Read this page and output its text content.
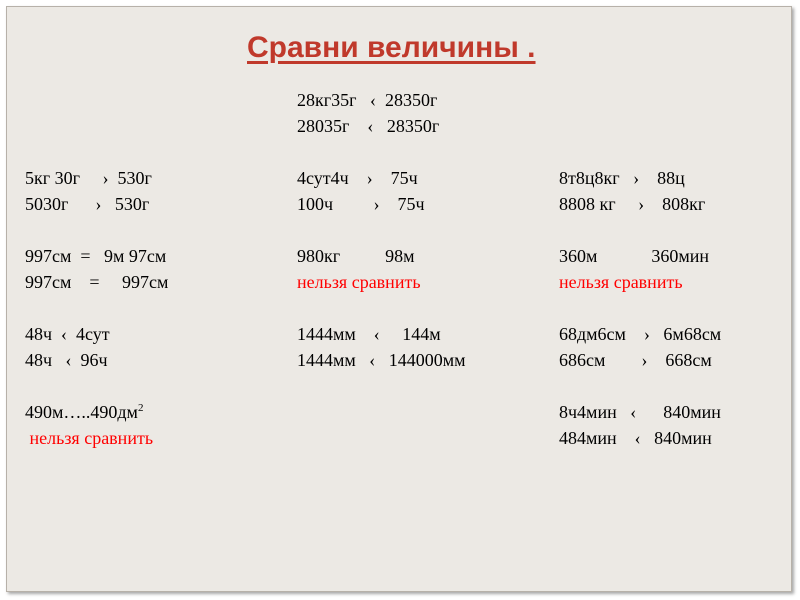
Сравни величины .
5кг 30г     ›  530г
5030г      ›   530г
997см  =   9м 97см
997см    =     997см
48ч  ‹  4сут
48ч   ‹  96ч
$490м\dots..490дм^2$
нельзя сравнить
28кг35г   ‹  28350г
28035г    ‹   28350г
4сут4ч    ›    75ч
100ч         ›    75ч
980кг          98м
нельзя сравнить
1444мм    ‹     144м
1444мм   ‹   144000мм
8т8ц8кг   ›    88ц
8808 кг     ›    808кг
360м            360мин
нельзя сравнить
68дм6см    ›   6м68см
686см        ›    668см
8ч4мин   ‹      840мин
484мин    ‹   840мин
